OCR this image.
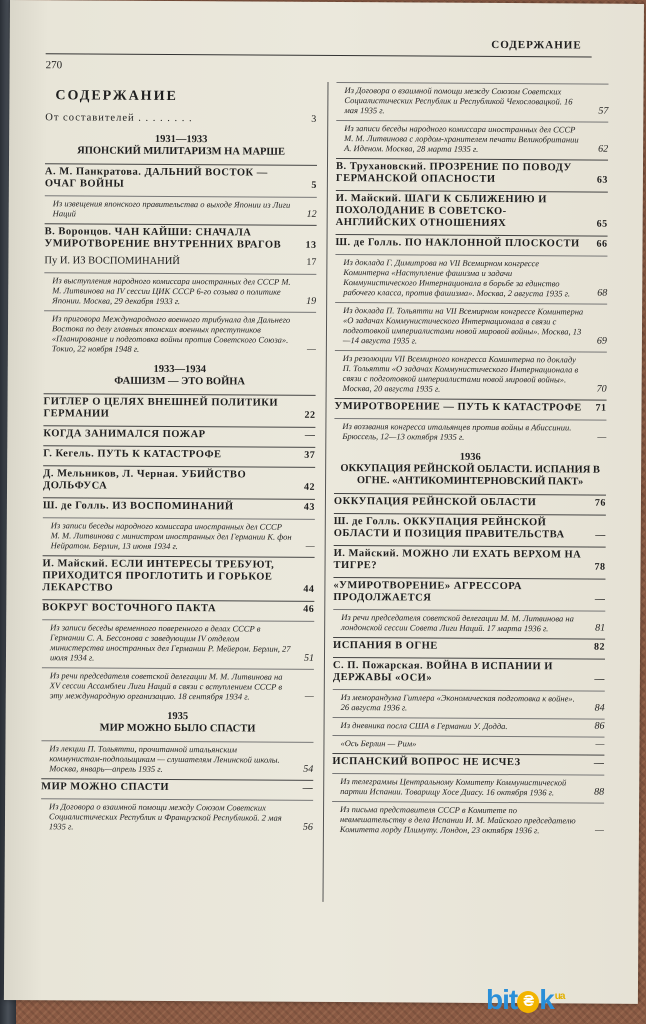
СОДЕРЖАНИЕ
270
СОДЕРЖАНИЕ
От составителей . . . . . . . .	3
1931—1933
ЯПОНСКИЙ МИЛИТАРИЗМ НА МАРШЕ
А. М. Панкратова. ДАЛЬНИЙ ВОСТОК — ОЧАГ ВОЙНЫ	5
Из извещения японского правительства о выходе Японии из Лиги Наций	12
В. Воронцов. ЧАН КАЙШИ: СНАЧАЛА УМИРОТВОРЕНИЕ ВНУТРЕННИХ ВРАГОВ	13
Пу И. ИЗ ВОСПОМИНАНИЙ	17
Из выступления народного комиссара иностранных дел СССР М. М. Литвинова на IV сессии ЦИК СССР 6-го созыва о политике Японии. Москва, 29 декабря 1933 г.	19
Из приговора Международного военного трибунала для Дальнего Востока по делу главных японских военных преступников «Планирование и подготовка войны против Советского Союза». Токио, 22 ноября 1948 г.	—
1933—1934
ФАШИЗМ — ЭТО ВОЙНА
ГИТЛЕР О ЦЕЛЯХ ВНЕШНЕЙ ПОЛИТИКИ ГЕРМАНИИ	22
КОГДА ЗАНИМАЛСЯ ПОЖАР	—
Г. Кегель. ПУТЬ К КАТАСТРОФЕ	37
Д. Мельников, Л. Черная. УБИЙСТВО ДОЛЬФУСА	42
Ш. де Голль. ИЗ ВОСПОМИНАНИЙ	43
Из записи беседы народного комиссара иностранных дел СССР М. М. Литвинова с министром иностранных дел Германии К. фон Нейратом. Берлин, 13 июня 1934 г.	—
И. Майский. ЕСЛИ ИНТЕРЕСЫ ТРЕБУЮТ, ПРИХОДИТСЯ ПРОГЛОТИТЬ И ГОРЬКОЕ ЛЕКАРСТВО	44
ВОКРУГ ВОСТОЧНОГО ПАКТА	46
Из записи беседы временного поверенного в делах СССР в Германии С. А. Бессонова с заведующим IV отделом министерства иностранных дел Германии Р. Мейером. Берлин, 27 июля 1934 г.	51
Из речи председателя советской делегации М. М. Литвинова на XV сессии Ассамблеи Лиги Наций в связи с вступлением СССР в эту международную организацию. 18 сентября 1934 г.	—
1935
МИР МОЖНО БЫЛО СПАСТИ
Из лекции П. Тольятти, прочитанной итальянским коммунистам-подпольщикам — слушателям Ленинской школы. Москва, январь—апрель 1935 г.	54
МИР МОЖНО СПАСТИ	—
Из Договора о взаимной помощи между Союзом Советских Социалистических Республик и Французской Республикой. 2 мая 1935 г.	56
Из Договора о взаимной помощи между Союзом Советских Социалистических Республик и Республикой Чехословацкой. 16 мая 1935 г.	57
Из записи беседы народного комиссара иностранных дел СССР М. М. Литвинова с лордом-хранителем печати Великобритании А. Иденом. Москва, 28 марта 1935 г.	62
В. Трухановский. ПРОЗРЕНИЕ ПО ПОВОДУ ГЕРМАНСКОЙ ОПАСНОСТИ	63
И. Майский. ШАГИ К СБЛИЖЕНИЮ И ПОХОЛОДАНИЕ В СОВЕТСКО-АНГЛИЙСКИХ ОТНОШЕНИЯХ	65
Ш. де Голль. ПО НАКЛОННОЙ ПЛОСКОСТИ	66
Из доклада Г. Димитрова на VII Всемирном конгрессе Коминтерна «Наступление фашизма и задачи Коммунистического Интернационала в борьбе за единство рабочего класса, против фашизма». Москва, 2 августа 1935 г.	68
Из доклада П. Тольятти на VII Всемирном конгрессе Коминтерна «О задачах Коммунистического Интернационала в связи с подготовкой империалистами новой мировой войны». Москва, 13—14 августа 1935 г.	69
Из резолюции VII Всемирного конгресса Коминтерна по докладу П. Тольятти «О задачах Коммунистического Интернационала в связи с подготовкой империалистами новой мировой войны». Москва, 20 августа 1935 г.	70
УМИРОТВОРЕНИЕ — ПУТЬ К КАТАСТРОФЕ 71
Из воззвания конгресса итальянцев против войны в Абиссинии. Брюссель, 12—13 октября 1935 г.	—
1936
ОККУПАЦИЯ РЕЙНСКОЙ ОБЛАСТИ. ИСПАНИЯ В ОГНЕ. «АНТИКОМИНТЕРНОВСКИЙ ПАКТ»
ОККУПАЦИЯ РЕЙНСКОЙ ОБЛАСТИ	76
Ш. де Голль. ОККУПАЦИЯ РЕЙНСКОЙ ОБЛАСТИ И ПОЗИЦИЯ ПРАВИТЕЛЬСТВА	—
И. Майский. МОЖНО ЛИ ЕХАТЬ ВЕРХОМ НА ТИГРЕ?	78
«УМИРОТВОРЕНИЕ» АГРЕССОРА ПРОДОЛЖАЕТСЯ	—
Из речи председателя советской делегации М. М. Литвинова на лондонской сессии Совета Лиги Наций. 17 марта 1936 г.	81
ИСПАНИЯ В ОГНЕ	82
С. П. Пожарская. ВОЙНА В ИСПАНИИ И ДЕРЖАВЫ «ОСИ»	—
Из меморандума Гитлера «Экономическая подготовка к войне». 26 августа 1936 г.	84
Из дневника посла США в Германии У. Додда.	86
«Ось Берлин — Рим»	—
ИСПАНСКИЙ ВОПРОС НЕ ИСЧЕЗ	—
Из телеграммы Центральному Комитету Коммунистической партии Испании. Товарищу Хосе Диасу. 16 октября 1936 г.	88
Из письма представителя СССР в Комитете по невмешательству в дела Испании И. М. Майского председателю Комитета лорду Плимуту. Лондон, 23 октября 1936 г.	—
bit ₴ $k^{ua}$
